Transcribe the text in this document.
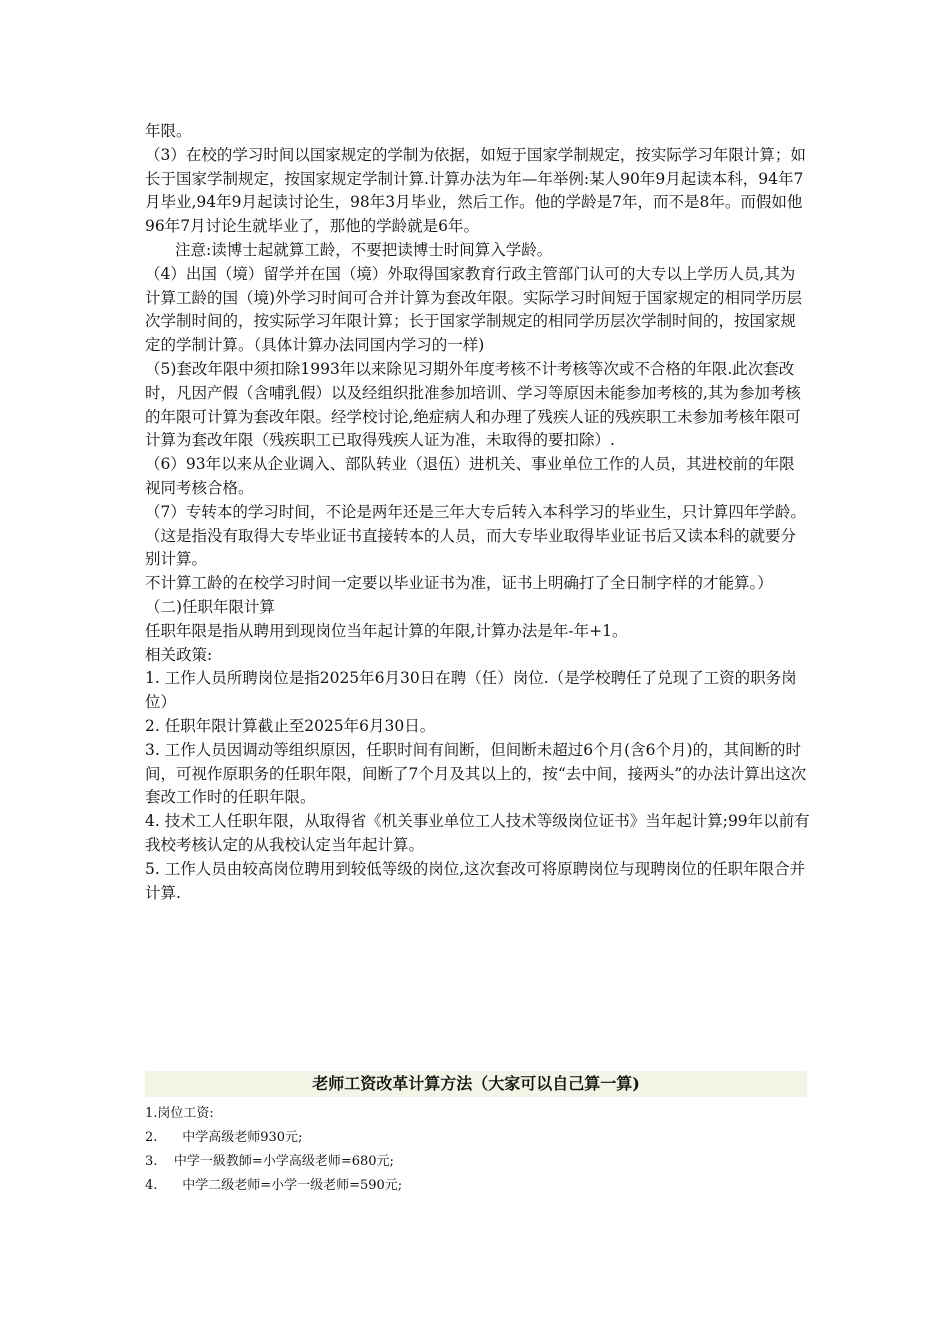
年限。

（3）在校的学习时间以国家规定的学制为依据，如短于国家学制规定，按实际学习年限计算；如长于国家学制规定，按国家规定学制计算.计算办法为年—年举例:某人90年9月起读本科，94年7月毕业,94年9月起读讨论生，98年3月毕业，然后工作。他的学龄是7年，而不是8年。而假如他96年7月讨论生就毕业了，那他的学龄就是6年。

注意:读博士起就算工龄，不要把读博士时间算入学龄。

（4）出国（境）留学并在国（境）外取得国家教育行政主管部门认可的大专以上学历人员,其为计算工龄的国（境)外学习时间可合并计算为套改年限。实际学习时间短于国家规定的相同学历层次学制时间的，按实际学习年限计算；长于国家学制规定的相同学历层次学制时间的，按国家规定的学制计算。（具体计算办法同国内学习的一样)

（5)套改年限中须扣除1993年以来除见习期外年度考核不计考核等次或不合格的年限.此次套改时，凡因产假（含哺乳假）以及经组织批准参加培训、学习等原因未能参加考核的,其为参加考核的年限可计算为套改年限。经学校讨论,绝症病人和办理了残疾人证的残疾职工未参加考核年限可计算为套改年限（残疾职工已取得残疾人证为准，未取得的要扣除）.

（6）93年以来从企业调入、部队转业（退伍）进机关、事业单位工作的人员，其进校前的年限视同考核合格。

（7）专转本的学习时间，不论是两年还是三年大专后转入本科学习的毕业生，只计算四年学龄。

（这是指没有取得大专毕业证书直接转本的人员，而大专毕业取得毕业证书后又读本科的就要分别计算。

不计算工龄的在校学习时间一定要以毕业证书为准，证书上明确打了全日制字样的才能算。）

（二)任职年限计算

任职年限是指从聘用到现岗位当年起计算的年限,计算办法是年-年+1。

相关政策:

1. 工作人员所聘岗位是指2025年6月30日在聘（任）岗位.（是学校聘任了兑现了工资的职务岗位）

2. 任职年限计算截止至2025年6月30日。

3. 工作人员因调动等组织原因，任职时间有间断，但间断未超过6个月(含6个月)的，其间断的时间，可视作原职务的任职年限，间断了7个月及其以上的，按“去中间，接两头”的办法计算出这次套改工作时的任职年限。

4. 技术工人任职年限，从取得省《机关事业单位工人技术等级岗位证书》当年起计算;99年以前有我校考核认定的从我校认定当年起计算。

5. 工作人员由较高岗位聘用到较低等级的岗位,这次套改可将原聘岗位与现聘岗位的任职年限合并计算.

老师工资改革计算方法（大家可以自己算一算)
1.岗位工资:
2.      中学高级老师930元;
3.    中学一級教師=小学高级老师=680元;
4.      中学二级老师=小学一级老师=590元;
